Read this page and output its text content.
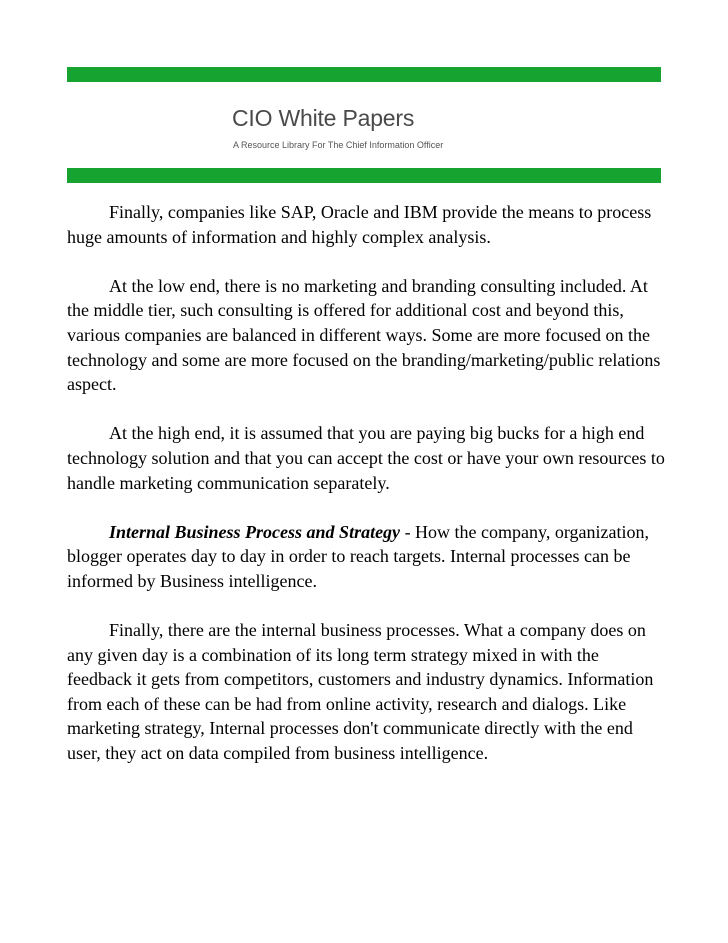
CIO White Papers
A Resource Library For The Chief Information Officer

Finally, companies like SAP, Oracle and IBM provide the means to process huge amounts of information and highly complex analysis.

At the low end, there is no marketing and branding consulting included. At the middle tier, such consulting is offered for additional cost and beyond this, various companies are balanced in different ways. Some are more focused on the technology and some are more focused on the branding/marketing/public relations aspect.

At the high end, it is assumed that you are paying big bucks for a high end technology solution and that you can accept the cost or have your own resources to handle marketing communication separately.

Internal Business Process and Strategy - How the company, organization, blogger operates day to day in order to reach targets. Internal processes can be informed by Business intelligence.

Finally, there are the internal business processes. What a company does on any given day is a combination of its long term strategy mixed in with the feedback it gets from competitors, customers and industry dynamics. Information from each of these can be had from online activity, research and dialogs. Like marketing strategy, Internal processes don't communicate directly with the end user, they act on data compiled from business intelligence.
